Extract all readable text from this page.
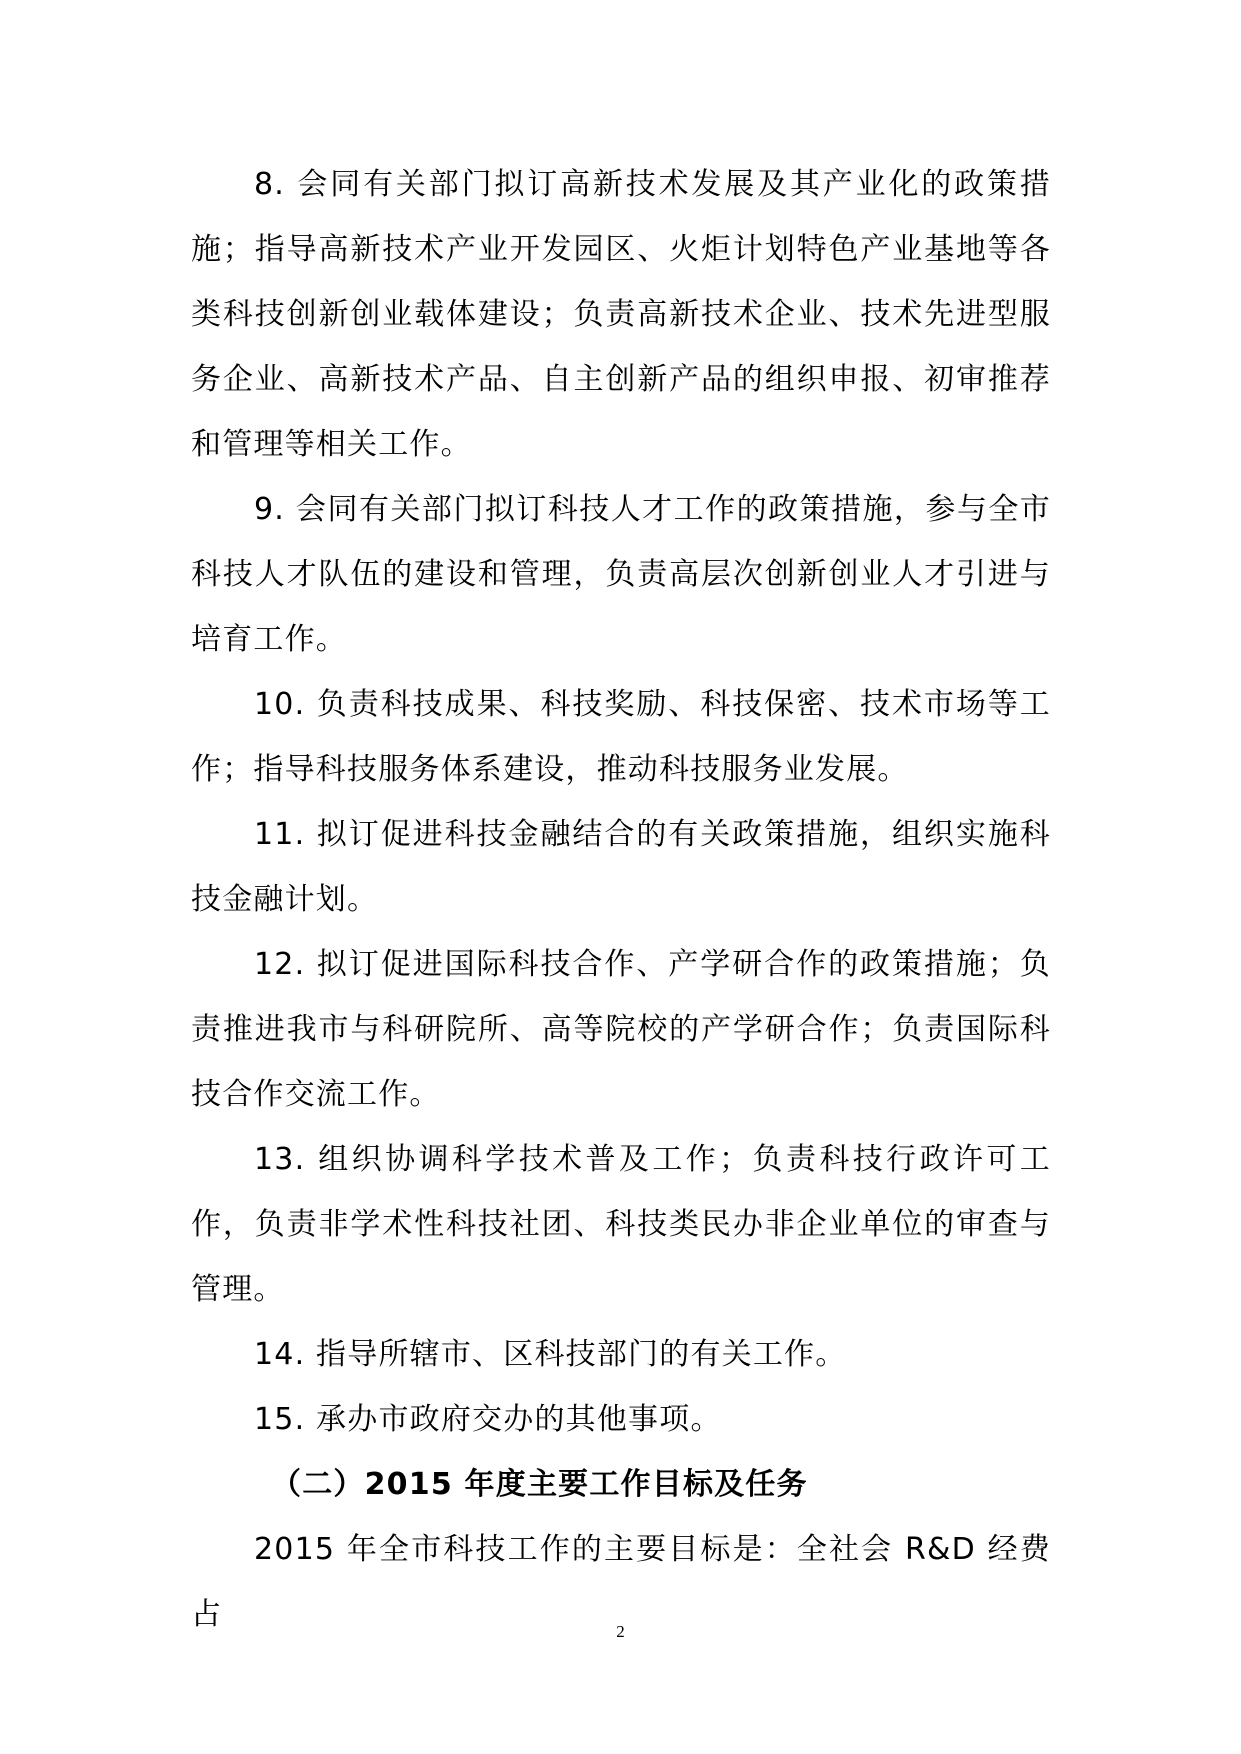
8. 会同有关部门拟订高新技术发展及其产业化的政策措施；指导高新技术产业开发园区、火炬计划特色产业基地等各类科技创新创业载体建设；负责高新技术企业、技术先进型服务企业、高新技术产品、自主创新产品的组织申报、初审推荐和管理等相关工作。

9. 会同有关部门拟订科技人才工作的政策措施，参与全市科技人才队伍的建设和管理，负责高层次创新创业人才引进与培育工作。

10. 负责科技成果、科技奖励、科技保密、技术市场等工作；指导科技服务体系建设，推动科技服务业发展。

11. 拟订促进科技金融结合的有关政策措施，组织实施科技金融计划。

12. 拟订促进国际科技合作、产学研合作的政策措施；负责推进我市与科研院所、高等院校的产学研合作；负责国际科技合作交流工作。

13. 组织协调科学技术普及工作；负责科技行政许可工作，负责非学术性科技社团、科技类民办非企业单位的审查与管理。

14. 指导所辖市、区科技部门的有关工作。

15. 承办市政府交办的其他事项。

（二）2015 年度主要工作目标及任务

2015 年全市科技工作的主要目标是：全社会 R&D 经费占	2
